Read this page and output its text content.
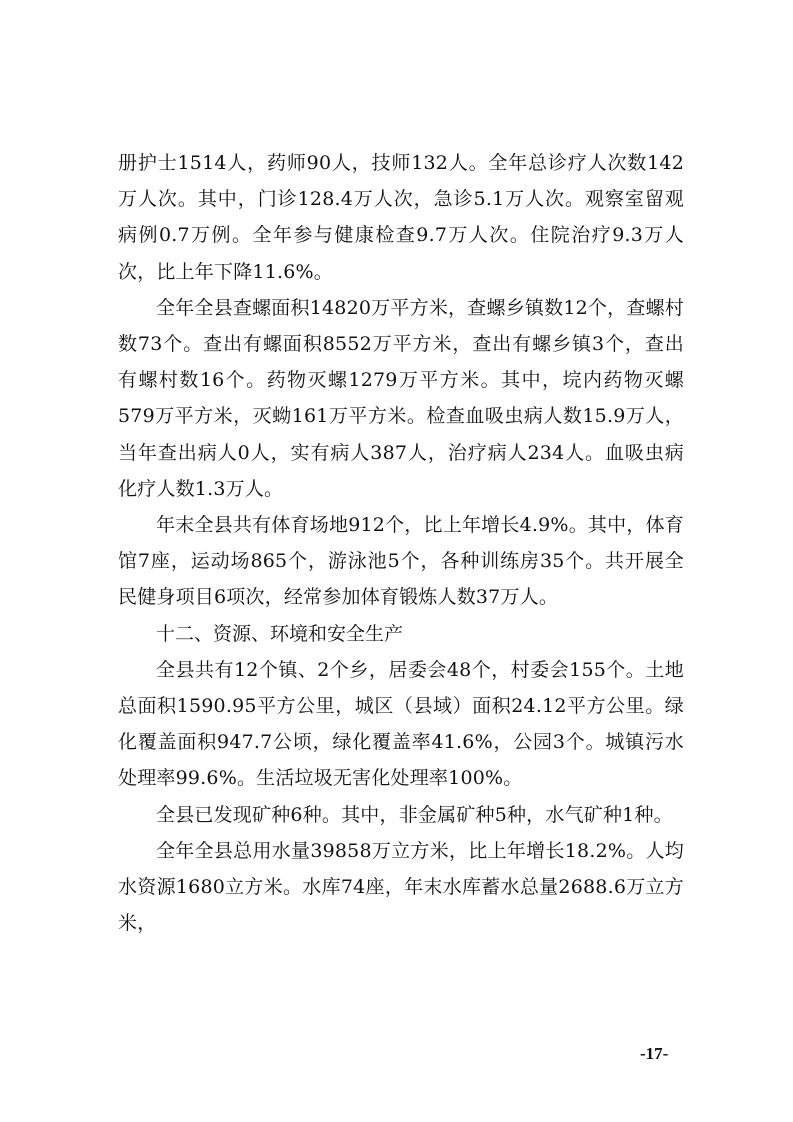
册护士1514人，药师90人，技师132人。全年总诊疗人次数142万人次。其中，门诊128.4万人次，急诊5.1万人次。观察室留观病例0.7万例。全年参与健康检查9.7万人次。住院治疗9.3万人次，比上年下降11.6%。

全年全县查螺面积14820万平方米，查螺乡镇数12个，查螺村数73个。查出有螺面积8552万平方米，查出有螺乡镇3个，查出有螺村数16个。药物灭螺1279万平方米。其中，垸内药物灭螺579万平方米，灭蚴161万平方米。检查血吸虫病人数15.9万人，当年查出病人0人，实有病人387人，治疗病人234人。血吸虫病化疗人数1.3万人。

年末全县共有体育场地912个，比上年增长4.9%。其中，体育馆7座，运动场865个，游泳池5个，各种训练房35个。共开展全民健身项目6项次，经常参加体育锻炼人数37万人。

十二、资源、环境和安全生产

全县共有12个镇、2个乡，居委会48个，村委会155个。土地总面积1590.95平方公里，城区（县域）面积24.12平方公里。绿化覆盖面积947.7公顷，绿化覆盖率41.6%，公园3个。城镇污水处理率99.6%。生活垃圾无害化处理率100%。

全县已发现矿种6种。其中，非金属矿种5种，水气矿种1种。

全年全县总用水量39858万立方米，比上年增长18.2%。人均水资源1680立方米。水库74座，年末水库蓄水总量2688.6万立方米，

-17-
